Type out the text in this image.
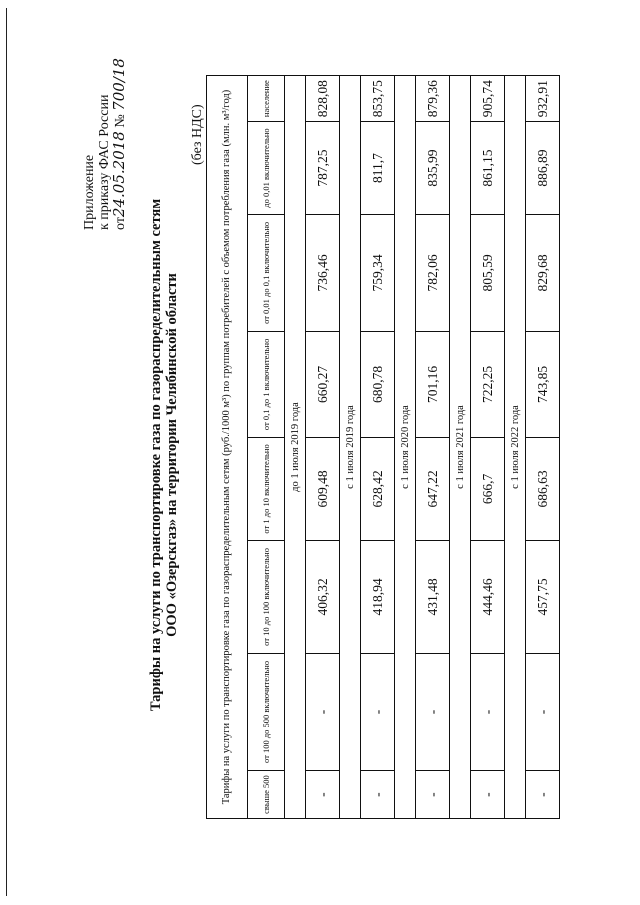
Приложение к приказу ФАС России от24.05.2018 № 700/18
Тарифы на услуги по транспортировке газа по газораспределительным сетям ООО «Озерскгаз» на территории Челябинской области
(без НДС) Тарифы на услуги по транспортировке газа по газораспределительным сетям (руб./1000 м³) по группам потребителей с объемом потребления газа (млн. м³/год)							
свыше 500	от 100 до 500 включительно	от 10 до 100 включительно	от 1 до 10 включительно	от 0,1 до 1 включительно	от 0,01 до 0,1 включительно	до 0,01 включительно	население
до 1 июля 2019 года							
-	-	406,32	609,48	660,27	736,46	787,25	828,08
с 1 июля 2019 года							
-	-	418,94	628,42	680,78	759,34	811,7	853,75
с 1 июля 2020 года							
-	-	431,48	647,22	701,16	782,06	835,99	879,36
с 1 июля 2021 года							
-	-	444,46	666,7	722,25	805,59	861,15	905,74
с 1 июля 2022 года							
-	-	457,75	686,63	743,85	829,68	886,89	932,91
